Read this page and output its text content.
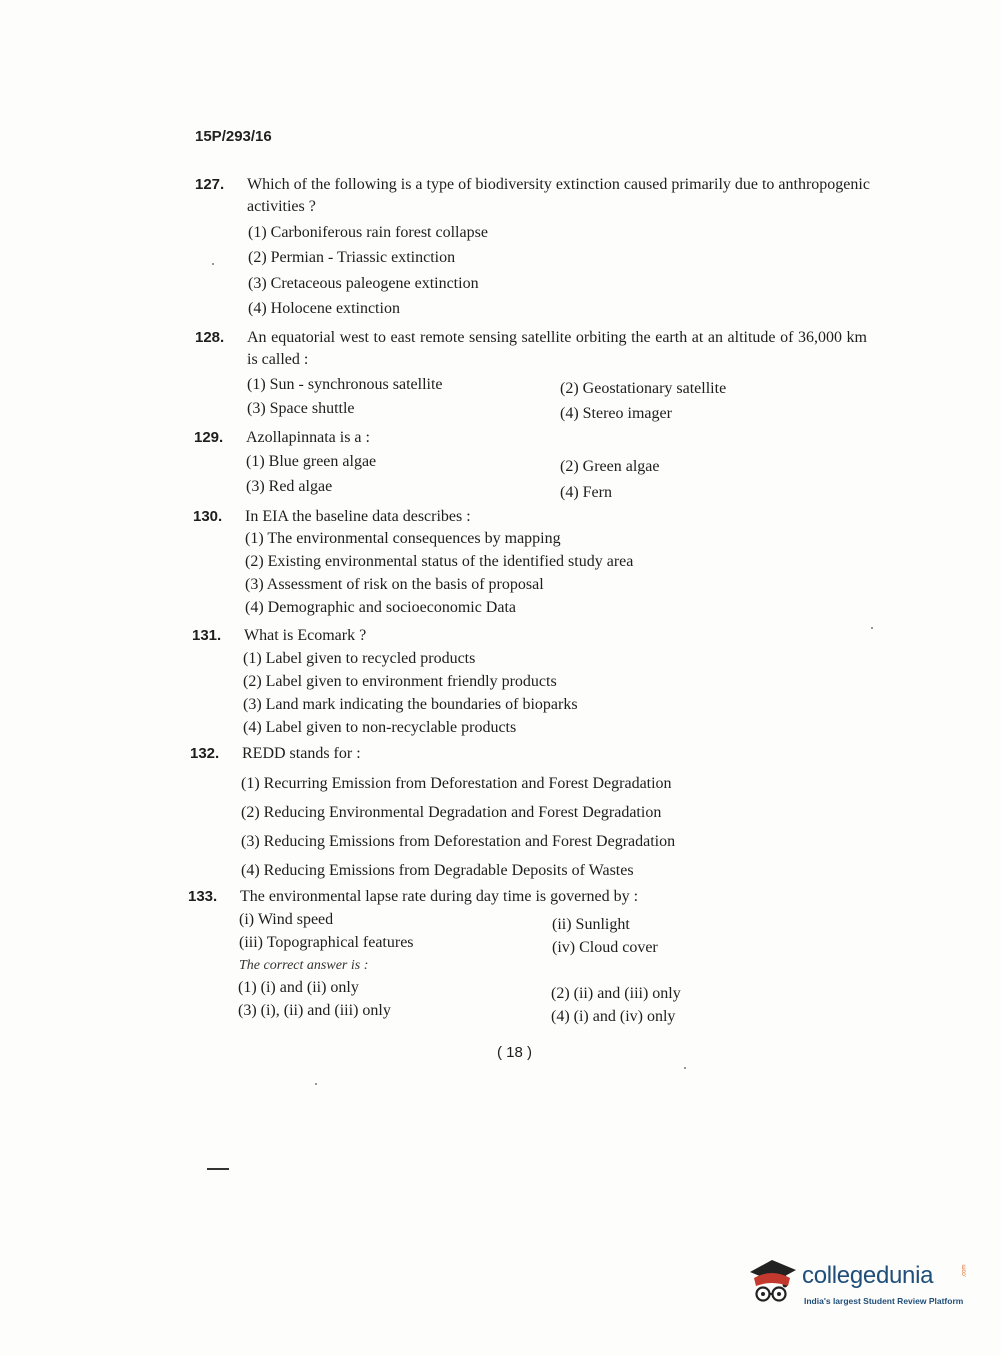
15P/293/16
127. Which of the following is a type of biodiversity extinction caused primarily due to anthropogenic activities ?
(1) Carboniferous rain forest collapse
(2) Permian - Triassic extinction
(3) Cretaceous paleogene extinction
(4) Holocene extinction
128. An equatorial west to east remote sensing satellite orbiting the earth at an altitude of 36,000 km is called :
(1) Sun - synchronous satellite	(2) Geostationary satellite
(3) Space shuttle	(4) Stereo imager
129. Azollapinnata is a :
(1) Blue green algae	(2) Green algae
(3) Red algae	(4) Fern
130. In EIA the baseline data describes :
(1) The environmental consequences by mapping
(2) Existing environmental status of the identified study area
(3) Assessment of risk on the basis of proposal
(4) Demographic and socioeconomic Data
131. What is Ecomark ?
(1) Label given to recycled products
(2) Label given to environment friendly products
(3) Land mark indicating the boundaries of bioparks
(4) Label given to non-recyclable products
132. REDD stands for :
(1) Recurring Emission from Deforestation and Forest Degradation
(2) Reducing Environmental Degradation and Forest Degradation
(3) Reducing Emissions from Deforestation and Forest Degradation
(4) Reducing Emissions from Degradable Deposits of Wastes
133. The environmental lapse rate during day time is governed by :
(i) Wind speed	(ii) Sunlight
(iii) Topographical features	(iv) Cloud cover
The correct answer is :
(1) (i) and (ii) only	(2) (ii) and (iii) only
(3) (i), (ii) and (iii) only	(4) (i) and (iv) only
( 18 )
collegedunia	.com
India's largest Student Review Platform
